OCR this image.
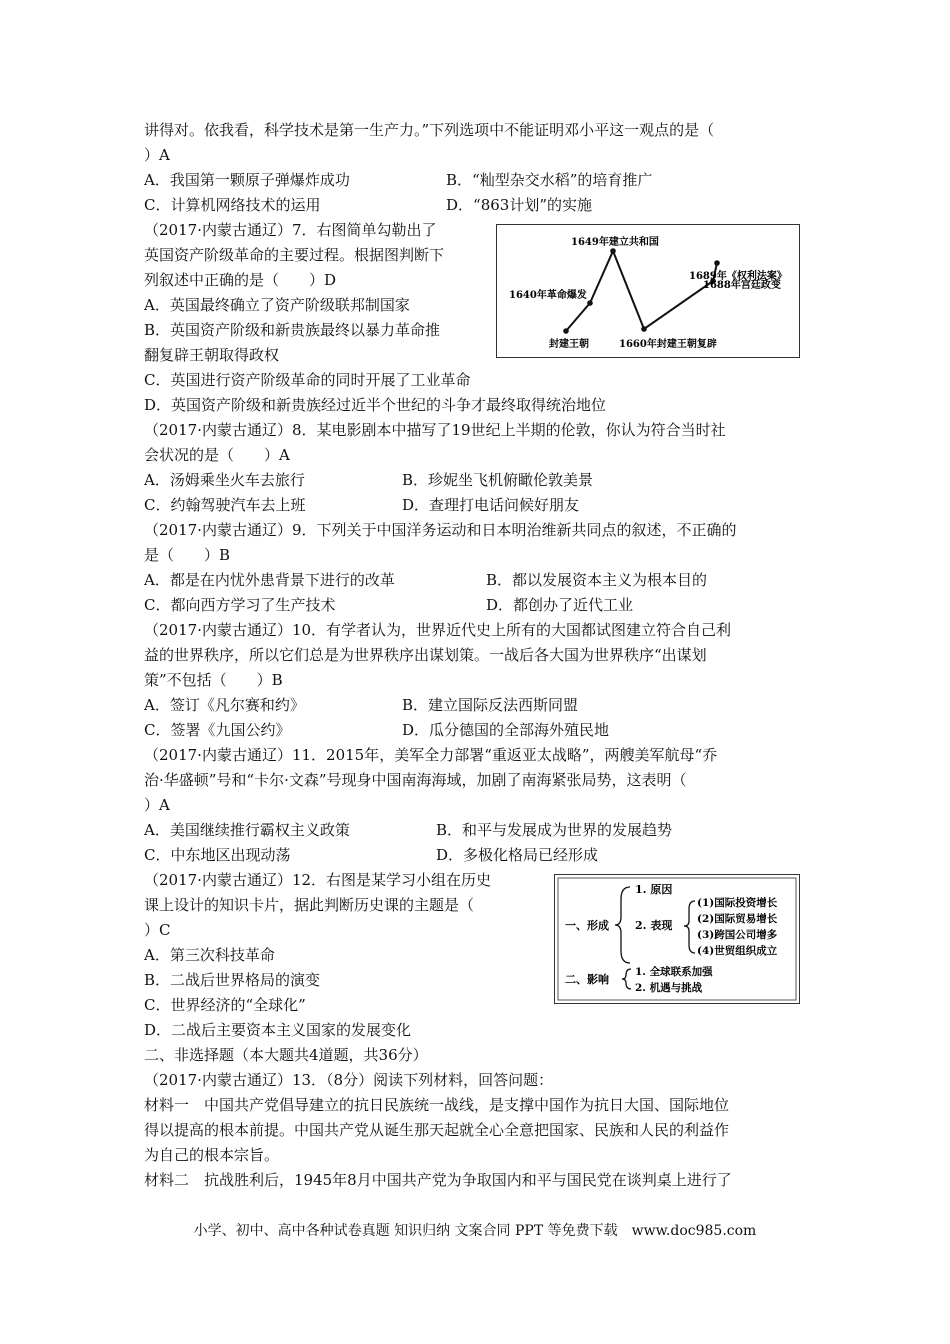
讲得对。依我看，科学技术是第一生产力。”下列选项中不能证明邓小平这一观点的是（
）A
A．我国第一颗原子弹爆炸成功	B．“籼型杂交水稻”的培育推广
C．计算机网络技术的运用	D．“863计划”的实施
（2017·内蒙古通辽）7．右图简单勾勒出了
英国资产阶级革命的主要过程。根据图判断下
列叙述中正确的是（　　）D
A．英国最终确立了资产阶级联邦制国家
B．英国资产阶级和新贵族最终以暴力革命推
翻复辟王朝取得政权
C．英国进行资产阶级革命的同时开展了工业革命
D．英国资产阶级和新贵族经过近半个世纪的斗争才最终取得统治地位
1649年建立共和国
1689年《权利法案》
1640年革命爆发
1688年宫廷政变
封建王朝	1660年封建王朝复辟
（2017·内蒙古通辽）8．某电影剧本中描写了19世纪上半期的伦敦，你认为符合当时社
会状况的是（　　）A
A．汤姆乘坐火车去旅行	B．珍妮坐飞机俯瞰伦敦美景
C．约翰驾驶汽车去上班	D．查理打电话问候好朋友
（2017·内蒙古通辽）9．下列关于中国洋务运动和日本明治维新共同点的叙述，不正确的
是（　　）B
A．都是在内忧外患背景下进行的改革	B．都以发展资本主义为根本目的
C．都向西方学习了生产技术	D．都创办了近代工业
（2017·内蒙古通辽）10．有学者认为，世界近代史上所有的大国都试图建立符合自己利
益的世界秩序，所以它们总是为世界秩序出谋划策。一战后各大国为世界秩序“出谋划
策”不包括（　　）B
A．签订《凡尔赛和约》	B．建立国际反法西斯同盟
C．签署《九国公约》	D．瓜分德国的全部海外殖民地
（2017·内蒙古通辽）11．2015年，美军全力部署“重返亚太战略”，两艘美军航母“乔
治·华盛顿”号和“卡尔·文森”号现身中国南海海域，加剧了南海紧张局势，这表明（
）A
A．美国继续推行霸权主义政策	B．和平与发展成为世界的发展趋势
C．中东地区出现动荡	D．多极化格局已经形成
（2017·内蒙古通辽）12．右图是某学习小组在历史
课上设计的知识卡片，据此判断历史课的主题是（
）C
A．第三次科技革命
B．二战后世界格局的演变
C．世界经济的“全球化”
D．二战后主要资本主义国家的发展变化
1. 原因
一、形成 2. 表现
(1)国际投资增长
(2)国际贸易增长
(3)跨国公司增多
(4)世贸组织成立
二、影响
1. 全球联系加强
2. 机遇与挑战
二、非选择题（本大题共4道题，共36分）
（2017·内蒙古通辽）13．（8分）阅读下列材料，回答问题：
材料一　中国共产党倡导建立的抗日民族统一战线，是支撑中国作为抗日大国、国际地位
得以提高的根本前提。中国共产党从诞生那天起就全心全意把国家、民族和人民的利益作
为自己的根本宗旨。
材料二　抗战胜利后，1945年8月中国共产党为争取国内和平与国民党在谈判桌上进行了
小学、初中、高中各种试卷真题 知识归纳 文案合同 PPT 等免费下载　www.doc985.com
